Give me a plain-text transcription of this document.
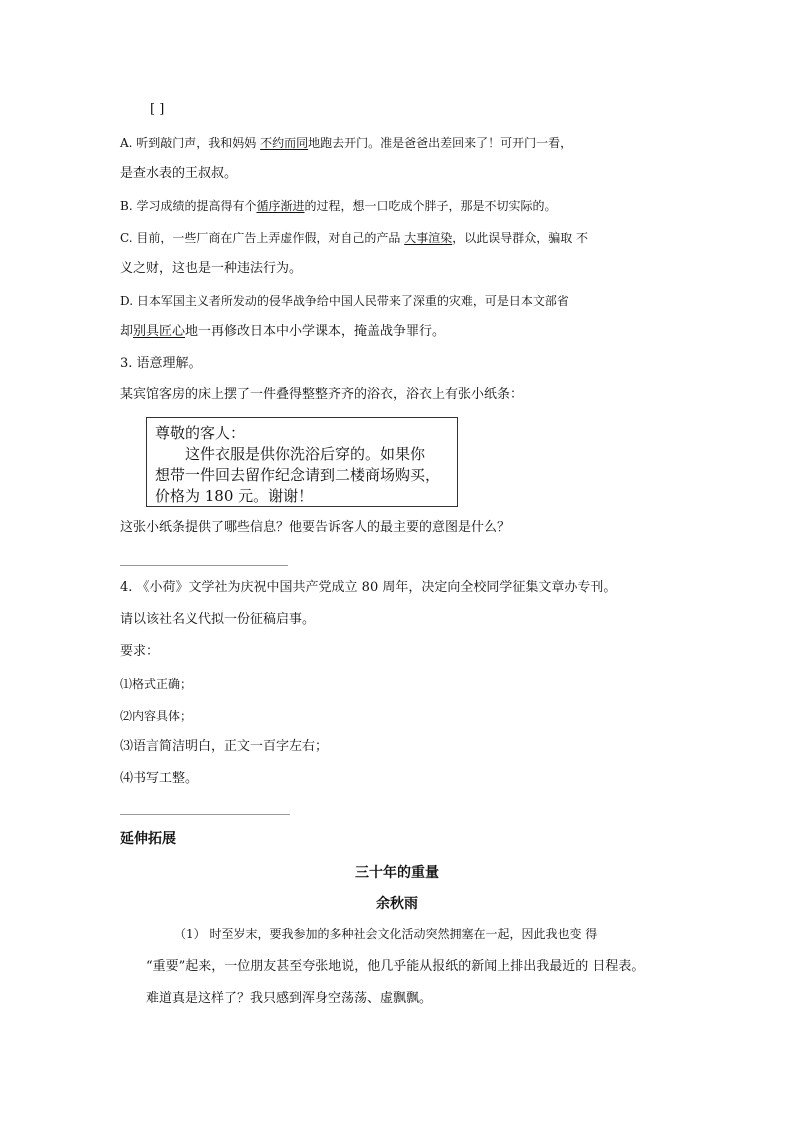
[ ]
A. 听到敲门声，我和妈妈 不约而同地跑去开门。准是爸爸出差回来了！可开门一看，
是查水表的王叔叔。
B. 学习成绩的提高得有个循序渐进的过程，想一口吃成个胖子，那是不切实际的。
C. 目前，一些厂商在广告上弄虚作假，对自己的产品 大事渲染，以此误导群众，骗取 不
义之财，这也是一种违法行为。
D. 日本军国主义者所发动的侵华战争给中国人民带来了深重的灾难，可是日本文部省
却别具匠心地一再修改日本中小学课本，掩盖战争罪行。
3. 语意理解。
某宾馆客房的床上摆了一件叠得整整齐齐的浴衣，浴衣上有张小纸条：
尊敬的客人：
这件衣服是供你洗浴后穿的。如果你
想带一件回去留作纪念请到二楼商场购买，
价格为 180 元。谢谢！
这张小纸条提供了哪些信息？他要告诉客人的最主要的意图是什么？
4. 《小荷》文学社为庆祝中国共产党成立 80 周年，决定向全校同学征集文章办专刊。
请以该社名义代拟一份征稿启事。
要求：
⑴格式正确；
⑵内容具体；
⑶语言简洁明白，正文一百字左右；
⑷书写工整。
延伸拓展
三十年的重量
余秋雨
（1） 时至岁末，要我参加的多种社会文化活动突然拥塞在一起，因此我也变 得
“重要”起来，一位朋友甚至夸张地说，他几乎能从报纸的新闻上排出我最近的 日程表。
难道真是这样了？我只感到浑身空荡荡、虚飘飘。
